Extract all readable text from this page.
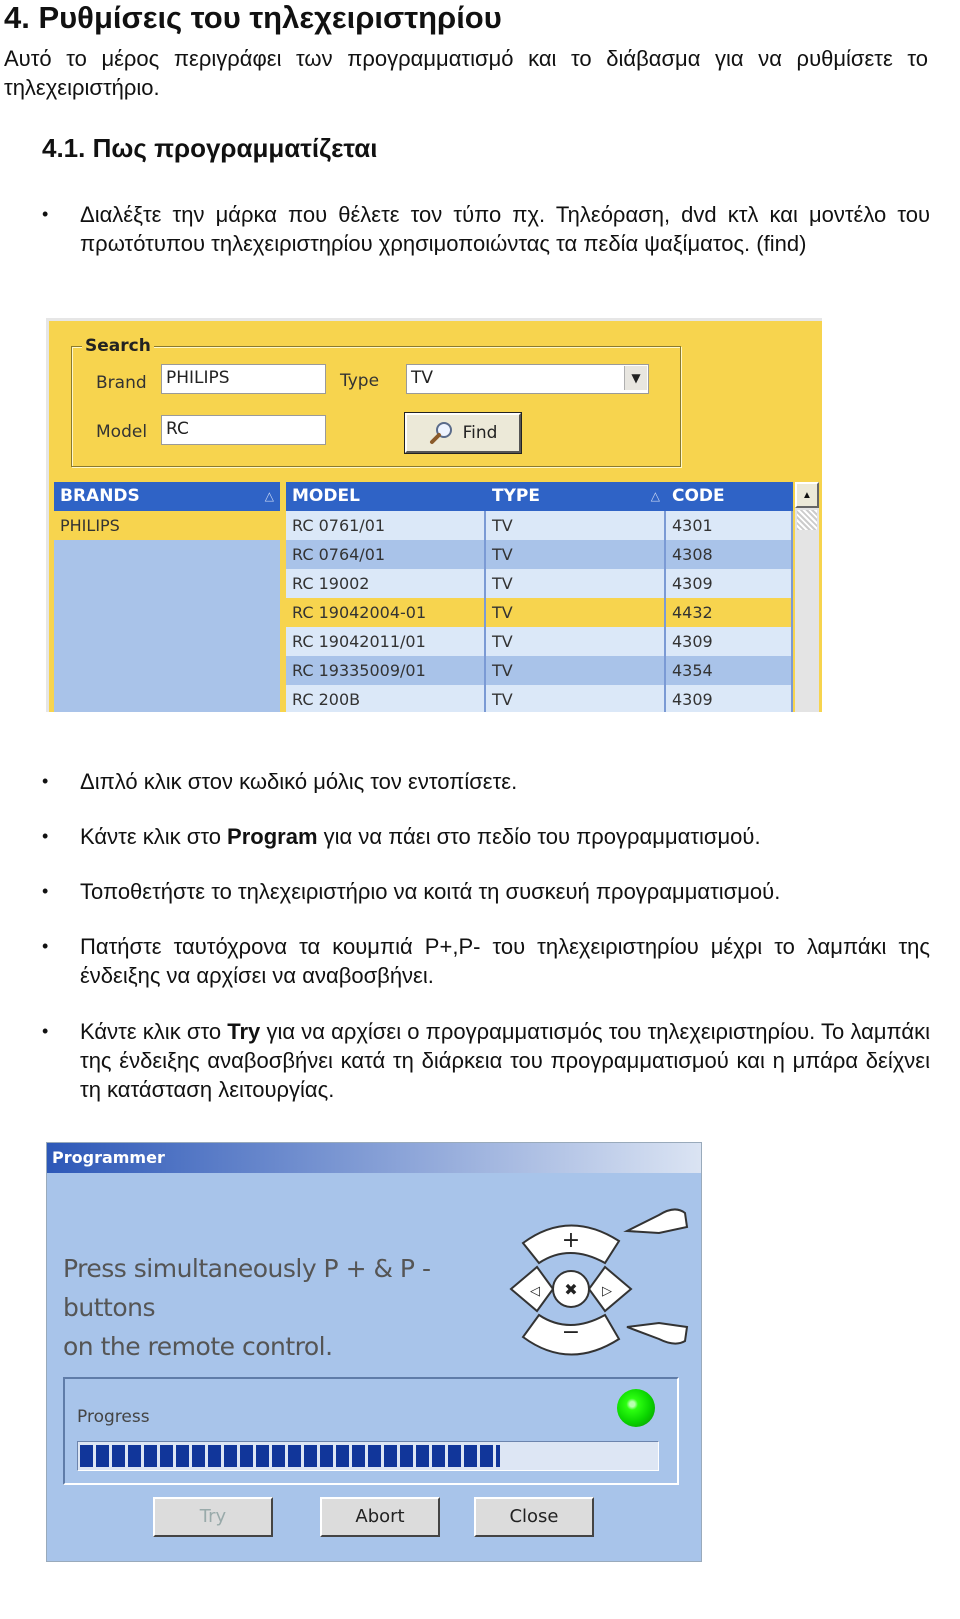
4. Ρυθμίσεις του τηλεχειριστηρίου
Αυτό το μέρος περιγράφει των προγραμματισμό και το διάβασμα για να ρυθμίσετε το τηλεχειριστήριο.
4.1. Πως προγραμματίζεται
• Διαλέξτε την μάρκα που θέλετε τον τύπο πχ. Τηλεόραση, dvd κτλ και μοντέλο του πρωτότυπου τηλεχειριστηρίου χρησιμοποιώντας τα πεδία ψαξίματος. (find)
Search
Brand PHILIPS	Type TV	▼
Model RC	Find
BRANDS	△
PHILIPS
MODEL	TYPE	△ CODE
RC 0761/01	TV	4301
RC 0764/01	TV	4308
RC 19002	TV	4309
RC 19042004-01	TV	4432
RC 19042011/01	TV	4309
RC 19335009/01	TV	4354
RC 200B	TV	4309
▲
• Διπλό κλικ στον κωδικό μόλις τον εντοπίσετε.
• Κάντε κλικ στο Program για να πάει στο πεδίο του προγραμματισμού.
• Τοποθετήστε το τηλεχειριστήριο να κοιτά τη συσκευή προγραμματισμού.
• Πατήστε ταυτόχρονα τα κουμπιά P+,P- του τηλεχειριστηρίου μέχρι το λαμπάκι της ένδειξης να αρχίσει να αναβοσβήνει.
• Κάντε κλικ στο Try για να αρχίσει ο προγραμματισμός του τηλεχειριστηρίου. Το λαμπάκι της ένδειξης αναβοσβήνει κατά τη διάρκεια του προγραμματισμού και η μπάρα δείχνει τη κατάσταση λειτουργίας.
Programmer
Press simultaneously P + & P - buttons
on the remote control.
✖
+
−
◁	▷
Progress
Try	Abort	Close
